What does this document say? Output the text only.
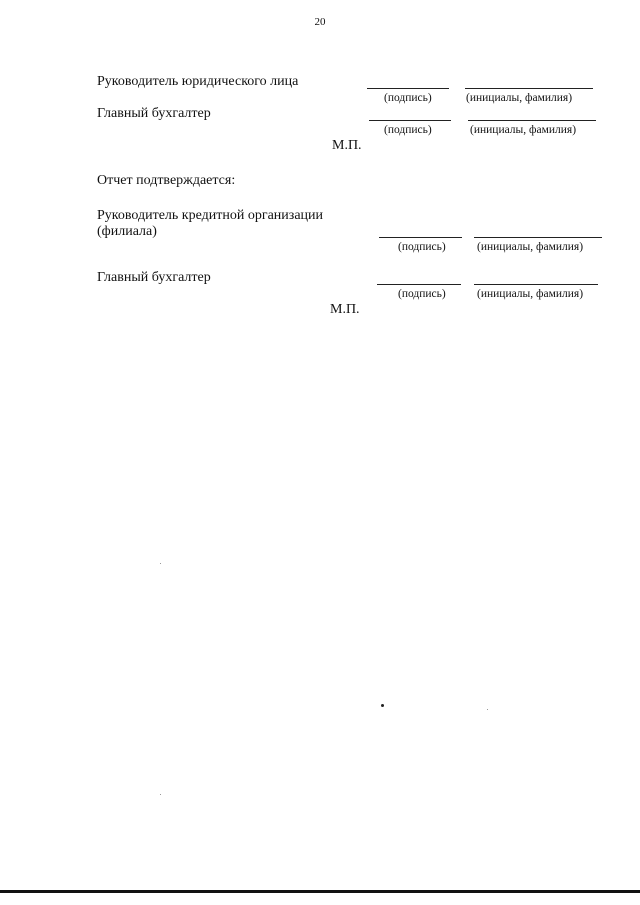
20
Руководитель юридического лица
(подпись)	(инициалы, фамилия)
Главный бухгалтер
(подпись)	(инициалы, фамилия)
М.П.
Отчет подтверждается:
Руководитель кредитной организации
(филиала)
(подпись)	(инициалы, фамилия)
Главный бухгалтер
(подпись)	(инициалы, фамилия)
М.П.
